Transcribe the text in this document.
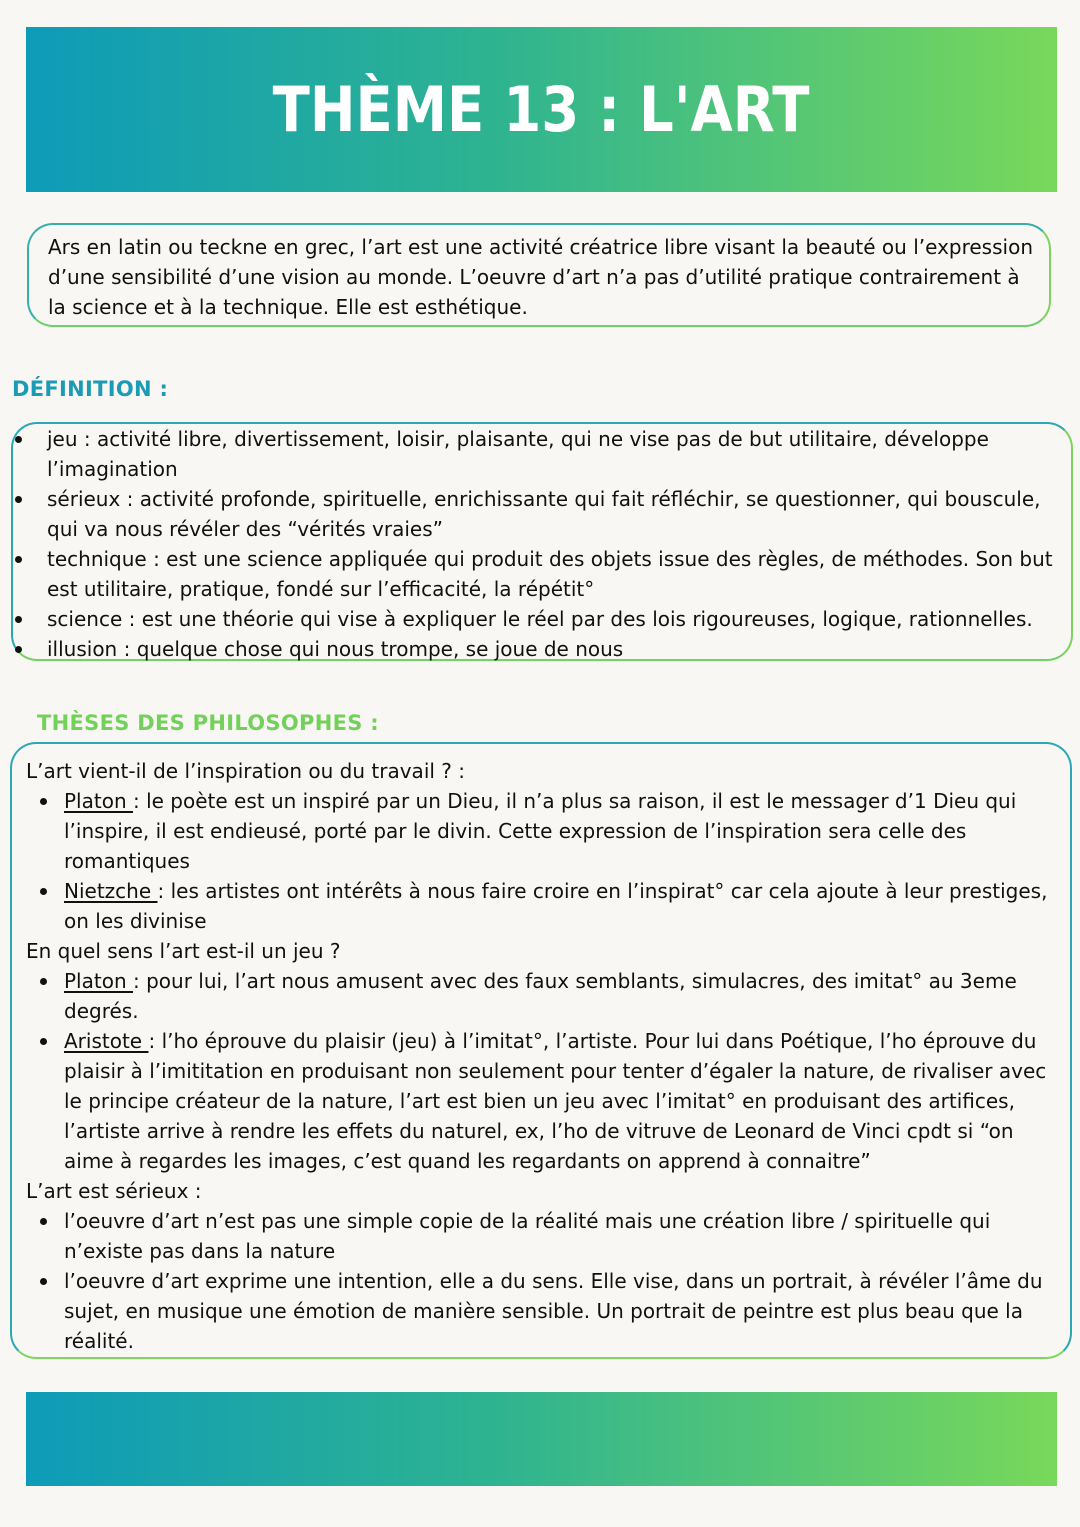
THÈME 13 : L'ART
Ars en latin ou teckne en grec, l’art est une activité créatrice libre visant la beauté ou l’expression d’une sensibilité d’une vision au monde. L’oeuvre d’art n’a pas d’utilité pratique contrairement à la science et à la technique. Elle est esthétique.
DÉFINITION :
jeu : activité libre, divertissement, loisir, plaisante, qui ne vise pas de but utilitaire, développe l’imagination
sérieux : activité profonde, spirituelle, enrichissante qui fait réfléchir, se questionner, qui bouscule, qui va nous révéler des “vérités vraies”
technique : est une science appliquée qui produit des objets issue des règles, de méthodes. Son but est utilitaire, pratique, fondé sur l’efficacité, la répétit°
science : est une théorie qui vise à expliquer le réel par des lois rigoureuses, logique, rationnelles.
illusion : quelque chose qui nous trompe, se joue de nous
THÈSES DES PHILOSOPHES :
L’art vient-il de l’inspiration ou du travail ? :
Platon : le poète est un inspiré par un Dieu, il n’a plus sa raison, il est le messager d’1 Dieu qui l’inspire, il est endieusé, porté par le divin. Cette expression de l’inspiration sera celle des romantiques
Nietzche : les artistes ont intérêts à nous faire croire en l’inspirat° car cela ajoute à leur prestiges, on les divinise
En quel sens l’art est-il un jeu ?
Platon : pour lui, l’art nous amusent avec des faux semblants, simulacres, des imitat° au 3eme degrés.
Aristote : l’ho éprouve du plaisir (jeu) à l’imitat°, l’artiste. Pour lui dans Poétique, l’ho éprouve du plaisir à l’imititation en produisant non seulement pour tenter d’égaler la nature, de rivaliser avec le principe créateur de la nature, l’art est bien un jeu avec l’imitat° en produisant des artifices, l’artiste arrive à rendre les effets du naturel, ex, l’ho de vitruve de Leonard de Vinci cpdt si “on aime à regardes les images, c’est quand les regardants on apprend à connaitre”
L’art est sérieux :
l’oeuvre d’art n’est pas une simple copie de la réalité mais une création libre / spirituelle qui n’existe pas dans la nature
l’oeuvre d’art exprime une intention, elle a du sens. Elle vise, dans un portrait, à révéler l’âme du sujet, en musique une émotion de manière sensible. Un portrait de peintre est plus beau que la réalité.
